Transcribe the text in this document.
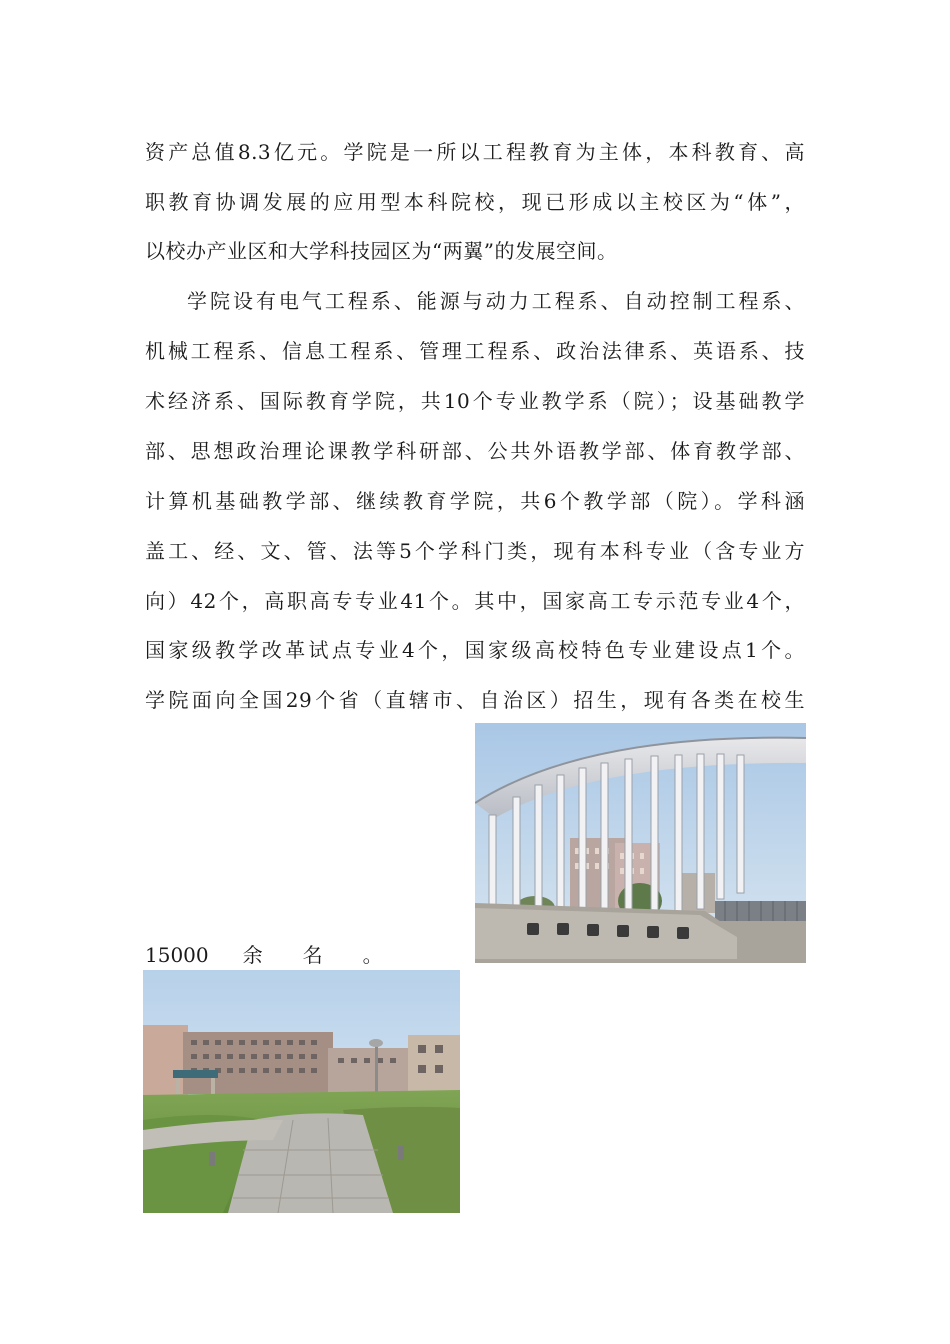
资产总值8.3亿元。学院是一所以工程教育为主体，本科教育、高
职教育协调发展的应用型本科院校，现已形成以主校区为“体”，
以校办产业区和大学科技园区为“两翼”的发展空间。
学院设有电气工程系、能源与动力工程系、自动控制工程系、
机械工程系、信息工程系、管理工程系、政治法律系、英语系、技
术经济系、国际教育学院，共10个专业教学系（院）；设基础教学
部、思想政治理论课教学科研部、公共外语教学部、体育教学部、
计算机基础教学部、继续教育学院，共6个教学部（院）。学科涵
盖工、经、文、管、法等5个学科门类，现有本科专业（含专业方
向）42个，高职高专专业41个。其中，国家高工专示范专业4个，
国家级教学改革试点专业4个，国家级高校特色专业建设点1个。
学院面向全国29个省（直辖市、自治区）招生，现有各类在校生
15000 余 名 。
